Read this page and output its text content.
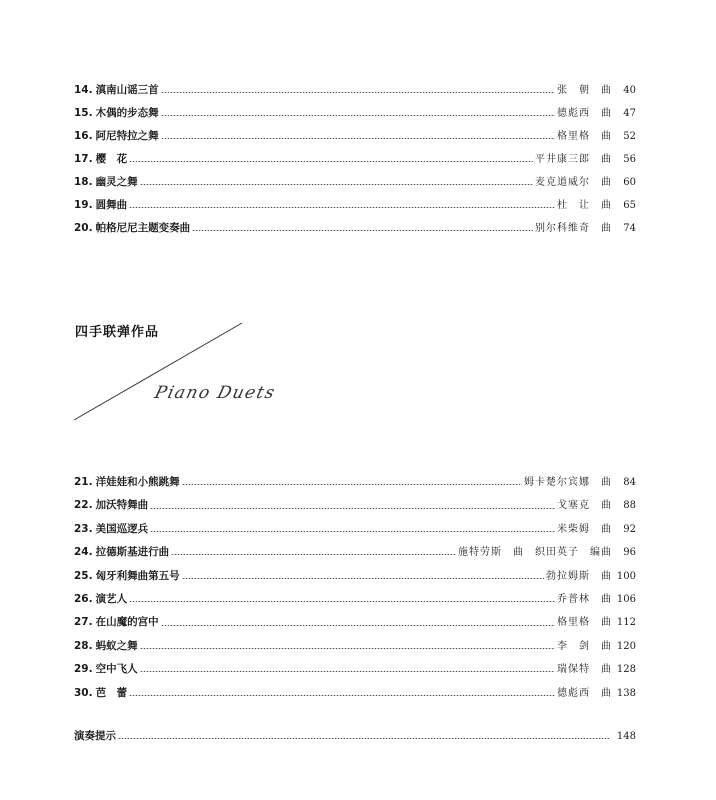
14. 滇南山谣三首	张　朝　曲	40
15. 木偶的步态舞	德彪西　曲	47
16. 阿尼特拉之舞	格里格　曲	52
17. 樱　花	平井康三郎　曲	56
18. 幽灵之舞	麦克道威尔　曲	60
19. 圆舞曲	杜　让　曲	65
20. 帕格尼尼主题变奏曲	别尔科维奇　曲	74
四手联弹作品
Piano Duets
21. 洋娃娃和小熊跳舞	姆卡楚尔宾娜　曲	84
22. 加沃特舞曲	戈塞克　曲	88
23. 美国巡逻兵	米柴姆　曲	92
24. 拉德斯基进行曲	施特劳斯　曲　织田英子　编曲	96
25. 匈牙利舞曲第五号	勃拉姆斯　曲 100
26. 演艺人	乔普林　曲 106
27. 在山魔的宫中	格里格　曲 112
28. 蚂蚁之舞	李　剑　曲 120
29. 空中飞人	瑞保特　曲 128
30. 芭　蕾	德彪西　曲 138
演奏提示	148
